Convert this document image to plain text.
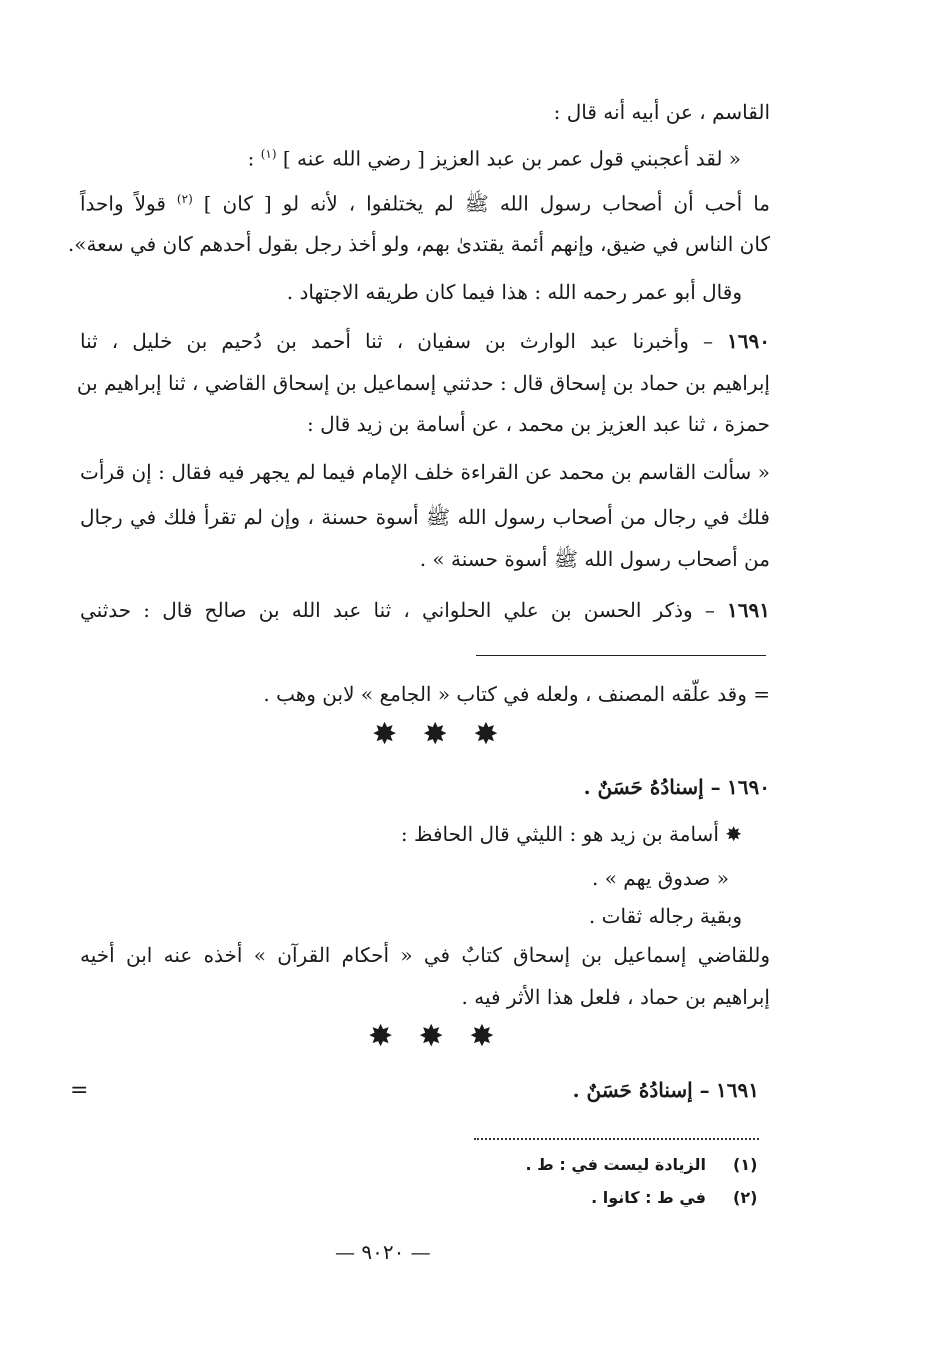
القاسم ، عن أبيه أنه قال :
« لقد أعجبني قول عمر بن عبد العزيز [ رضي الله عنه ] $^{(١)}$ :
ما أحب أن أصحاب رسول الله ﷺ لم يختلفوا ، لأنه لو [ كان ] $^{(٢)}$ قولاً واحداً
كان الناس في ضيق، وإنهم أئمة يقتدىٰ بهم، ولو أخذ رجل بقول أحدهم كان في سعة».
وقال أبو عمر رحمه الله : هذا فيما كان طريقه الاجتهاد .
١٦٩٠ – وأخبرنا عبد الوارث بن سفيان ، ثنا أحمد بن دُحيم بن خليل ، ثنا
إبراهيم بن حماد بن إسحاق قال : حدثني إسماعيل بن إسحاق القاضي ، ثنا إبراهيم بن
حمزة ، ثنا عبد العزيز بن محمد ، عن أسامة بن زيد قال :
« سألت القاسم بن محمد عن القراءة خلف الإمام فيما لم يجهر فيه فقال : إن قرأت
فلك في رجال من أصحاب رسول الله ﷺ أسوة حسنة ، وإن لم تقرأ فلك في رجال
من أصحاب رسول الله ﷺ أسوة حسنة » .
١٦٩١ – وذكر الحسن بن علي الحلواني ، ثنا عبد الله بن صالح قال : حدثني
= وقد علّقه المصنف ، ولعله في كتاب « الجامع » لابن وهب .
✸ ✸ ✸
١٦٩٠ – إسنادُهُ حَسَنٌ .
✸ أسامة بن زيد هو : الليثي قال الحافظ :
« صدوق يهم » .
وبقية رجاله ثقات .
وللقاضي إسماعيل بن إسحاق كتابٌ في « أحكام القرآن » أخذه عنه ابن أخيه
إبراهيم بن حماد ، فلعل هذا الأثر فيه .
✸ ✸ ✸
١٦٩١ – إسنادُهُ حَسَنٌ .
=
(١)
الزيادة ليست في : ط .
(٢)
في ط : كانوا .
— ٩٠٢٠ —
